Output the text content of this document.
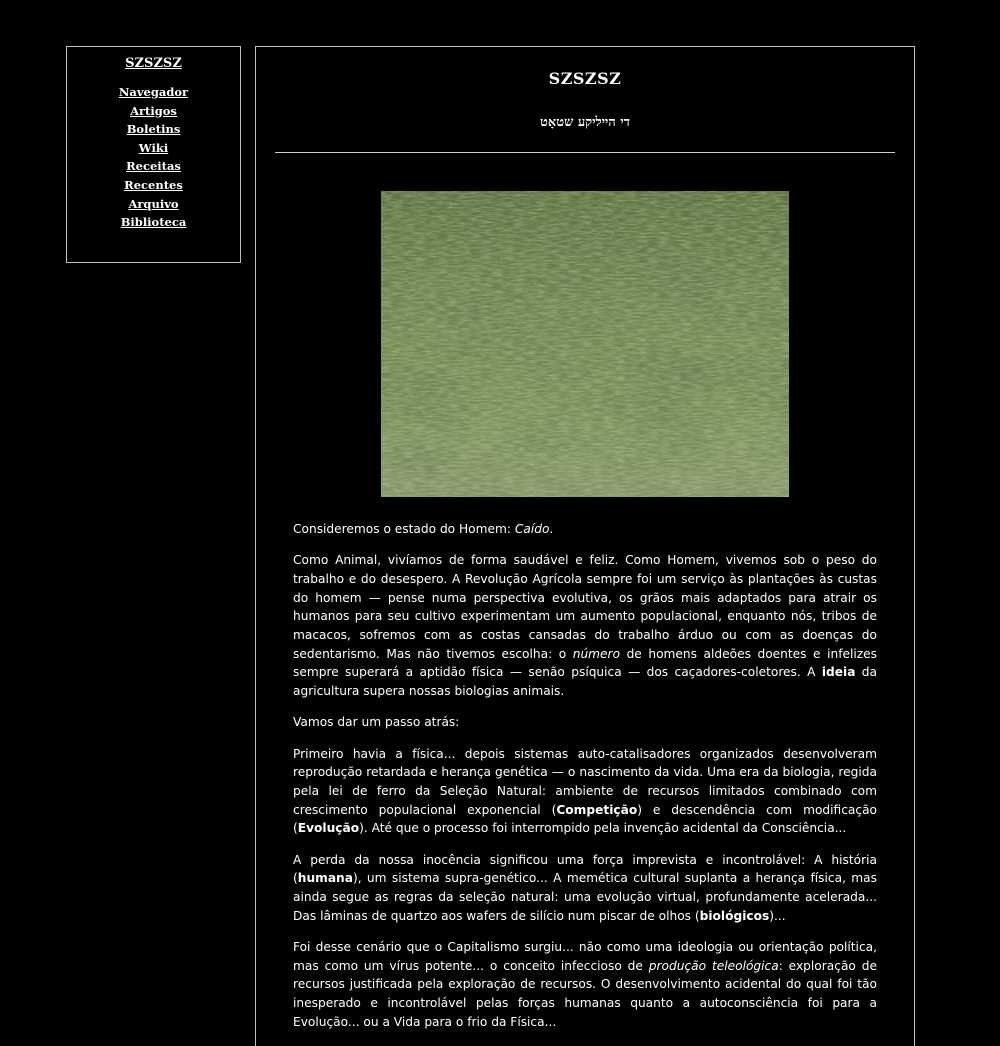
SZSZSZ
Navegador
Artigos
Boletins
Wiki
Receitas
Recentes
Arquivo
Biblioteca
SZSZSZ
די הײליקע שטאָט

Consideremos o estado do Homem: Caído.

Como Animal, vivíamos de forma saudável e feliz. Como Homem, vivemos sob o peso do trabalho e do desespero. A Revolução Agrícola sempre foi um serviço às plantações às custas do homem — pense numa perspectiva evolutiva, os grãos mais adaptados para atrair os humanos para seu cultivo experimentam um aumento populacional, enquanto nós, tribos de macacos, sofremos com as costas cansadas do trabalho árduo ou com as doenças do sedentarismo. Mas não tivemos escolha: o número de homens aldeões doentes e infelizes sempre superará a aptidão física — senão psíquica — dos caçadores-coletores. A ideia da agricultura supera nossas biologias animais.

Vamos dar um passo atrás:

Primeiro havia a física... depois sistemas auto-catalisadores organizados desenvolveram reprodução retardada e herança genética — o nascimento da vida. Uma era da biologia, regida pela lei de ferro da Seleção Natural: ambiente de recursos limitados combinado com crescimento populacional exponencial (Competição) e descendência com modificação (Evolução). Até que o processo foi interrompido pela invenção acidental da Consciência...

A perda da nossa inocência significou uma força imprevista e incontrolável: A história (humana), um sistema supra-genético... A memética cultural suplanta a herança física, mas ainda segue as regras da seleção natural: uma evolução virtual, profundamente acelerada... Das lâminas de quartzo aos wafers de silício num piscar de olhos (biológicos)...

Foi desse cenário que o Capitalismo surgiu... não como uma ideologia ou orientação política, mas como um vírus potente... o conceito infeccioso de produção teleológica: exploração de recursos justificada pela exploração de recursos. O desenvolvimento acidental do qual foi tão inesperado e incontrolável pelas forças humanas quanto a autoconsciência foi para a Evolução... ou a Vida para o frio da Física...
